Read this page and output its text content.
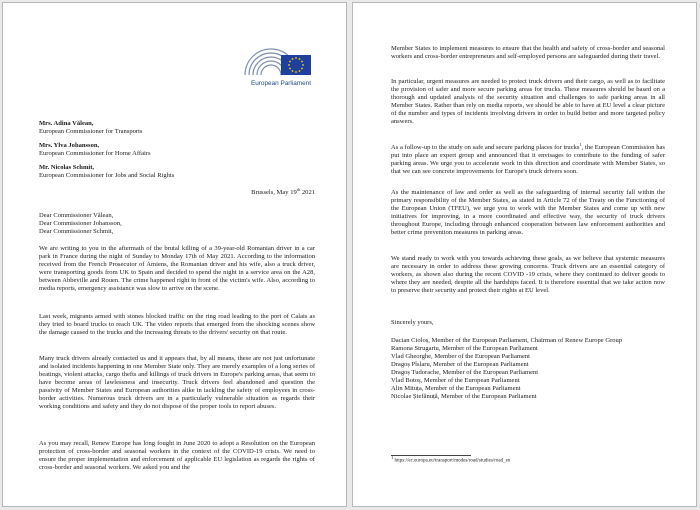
European Parliament

Mrs. Adina Vălean,

European Commissioner for Transports

Mrs. Ylva Johansson,

European Commissioner for Home Affairs

Mr. Nicolas Schmit,

European Commissioner for Jobs and Social Rights

Brussels, May 19th 2021

Dear Commissioner Vălean,

Dear Commissioner Johansson,

Dear Commissioner Schmit,

We are writing to you in the aftermath of the brutal killing of a 39-year-old Romanian driver in a car park in France during the night of Sunday to Monday 17th of May 2021. According to the information received from the French Prosecutor of Amiens, the Romanian driver and his wife, also a truck driver, were transporting goods from UK to Spain and decided to spend the night in a service area on the A28, between Abbeville and Rouen. The crime happened right in front of the victim's wife. Also, according to media reports, emergency assistance was slow to arrive on the scene.
Last week, migrants armed with stones blocked traffic on the ring road leading to the port of Calais as they tried to board trucks to reach UK. The video reports that emerged from the shocking scenes show the damage caused to the trucks and the increasing threats to the drivers' security on that route.
Many truck drivers already contacted us and it appears that, by all means, these are not just unfortunate and isolated incidents happening in one Member State only. They are merely examples of a long series of beatings, violent attacks, cargo thefts and killings of truck drivers in Europe's parking areas, that seem to have become areas of lawlessness and insecurity. Truck drivers feel abandoned and question the passivity of Member States and European authorities alike in tackling the safety of employees in cross-border activities. Numerous truck drivers are in a particularly vulnerable situation as regards their working conditions and safety and they do not dispose of the proper tools to report abuses.
As you may recall, Renew Europe has long fought in June 2020 to adopt a Resolution on the European protection of cross-border and seasonal workers in the context of the COVID-19 crisis. We need to ensure the proper implementation and enforcement of applicable EU legislation as regards the rights of cross-border and seasonal workers. We asked you and the
Member States to implement measures to ensure that the health and safety of cross-border and seasonal workers and cross-border entrepreneurs and self-employed persons are safeguarded during their travel.
In particular, urgent measures are needed to protect truck drivers and their cargo, as well as to facilitate the provision of safer and more secure parking areas for trucks. These measures should be based on a thorough and updated analysis of the security situation and challenges to safe parking areas in all Member States. Rather than rely on media reports, we should be able to have at EU level a clear picture of the number and types of incidents involving drivers in order to build better and more targeted policy answers.
As a follow-up to the study on safe and secure parking places for trucks$^1$, the European Commission has put into place an expert group and announced that it envisages to contribute to the funding of safer parking areas. We urge you to accelerate work in this direction and coordinate with Member States, so that we can see concrete improvements for Europe's truck drivers soon.
As the maintenance of law and order as well as the safeguarding of internal security fall within the primary responsibility of the Member States, as stated in Article 72 of the Treaty on the Functioning of the European Union (TFEU), we urge you to work with the Member States and come up with new initiatives for improving, in a more coordinated and effective way, the security of truck drivers throughout Europe, including through enhanced cooperation between law enforcement authorities and better crime prevention measures in parking areas.
We stand ready to work with you towards achieving these goals, as we believe that systemic measures are necessary in order to address these growing concerns. Truck drivers are an essential category of workers, as shown also during the recent COVID -19 crisis, where they continued to deliver goods to where they are needed, despite all the hardships faced. It is therefore essential that we take action now to preserve their security and protect their rights at EU level.
Sincerely yours,

Dacian Cioloș, Member of the European Parliament, Chairman of Renew Europe Group

Ramona Strugariu, Member of the European Parliament

Vlad Gheorghe, Member of the European Parliament

Dragoș Pîslaru, Member of the European Parliament

Dragoș Tudorache, Member of the European Parliament

Vlad Botoș, Member of the European Parliament

Alin Mituța, Member of the European Parliament

Nicolae Ștefănuță, Member of the European Parliament

1 https://ec.europa.eu/transport/modes/road/studies/road_en
